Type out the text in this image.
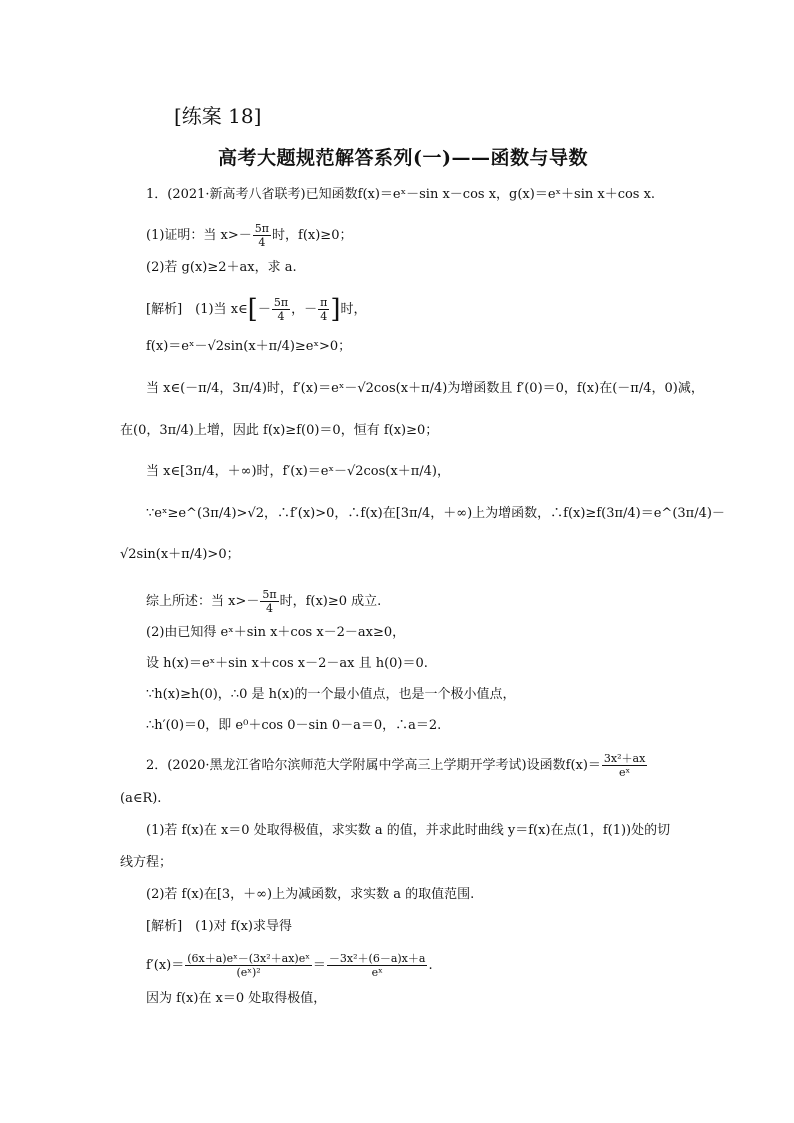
[练案 18]
高考大题规范解答系列(一)——函数与导数
1．(2021·新高考八省联考)已知函数f(x)＝eˣ－sin x－cos x，g(x)＝eˣ＋sin x＋cos x.
(1)证明：当 $x>- \frac{5\pi}{4}$ 时，f(x)≥0；
(2)若 g(x)≥2＋ax，求 a.
[解析]　(1)当 x∈[－ $\frac{5\pi}{4}$ ，－ $\frac{\pi}{4}$ ]时，
f(x)＝eˣ－√2sin(x＋π/4)≥eˣ>0；
当 x∈(－π/4，3π/4)时，f′(x)＝eˣ－√2cos(x＋π/4)为增函数且 f′(0)＝0，f(x)在(－π/4，0)减，
在(0，3π/4)上增，因此 f(x)≥f(0)＝0，恒有 f(x)≥0；
当 x∈[3π/4，＋∞)时，f′(x)＝eˣ－√2cos(x＋π/4)，
∵eˣ≥e^(3π/4)>√2，∴f′(x)>0，∴f(x)在[3π/4，＋∞)上为增函数，∴f(x)≥f(3π/4)＝e^(3π/4)－
√2sin(x＋π/4)>0；
综上所述：当 $x>- \frac{5\pi}{4}$ 时，f(x)≥0 成立.
(2)由已知得 eˣ＋sin x＋cos x－2－ax≥0，
设 h(x)＝eˣ＋sin x＋cos x－2－ax 且 h(0)＝0.
∵h(x)≥h(0)，∴0 是 h(x)的一个最小值点，也是一个极小值点，
∴h′(0)＝0，即 e⁰＋cos 0－sin 0－a＝0，∴a＝2.
2．(2020·黑龙江省哈尔滨师范大学附属中学高三上学期开学考试)设函数$f(x)= \frac{\text{3x²＋ax}}{\text{eˣ}}$
(a∈R).
(1)若 f(x)在 x＝0 处取得极值，求实数 a 的值，并求此时曲线 y＝f(x)在点(1，f(1))处的切
线方程；
(2)若 f(x)在[3，＋∞)上为减函数，求实数 a 的取值范围.
[解析]　(1)对 f(x)求导得
$f'(x)= \frac{\text{(6x＋a)eˣ－(3x²＋ax)eˣ}}{\text{(eˣ)²}} = \frac{\text{－3x²＋(6－a)x＋a}}{\text{eˣ}}$ .
因为 f(x)在 x＝0 处取得极值，
